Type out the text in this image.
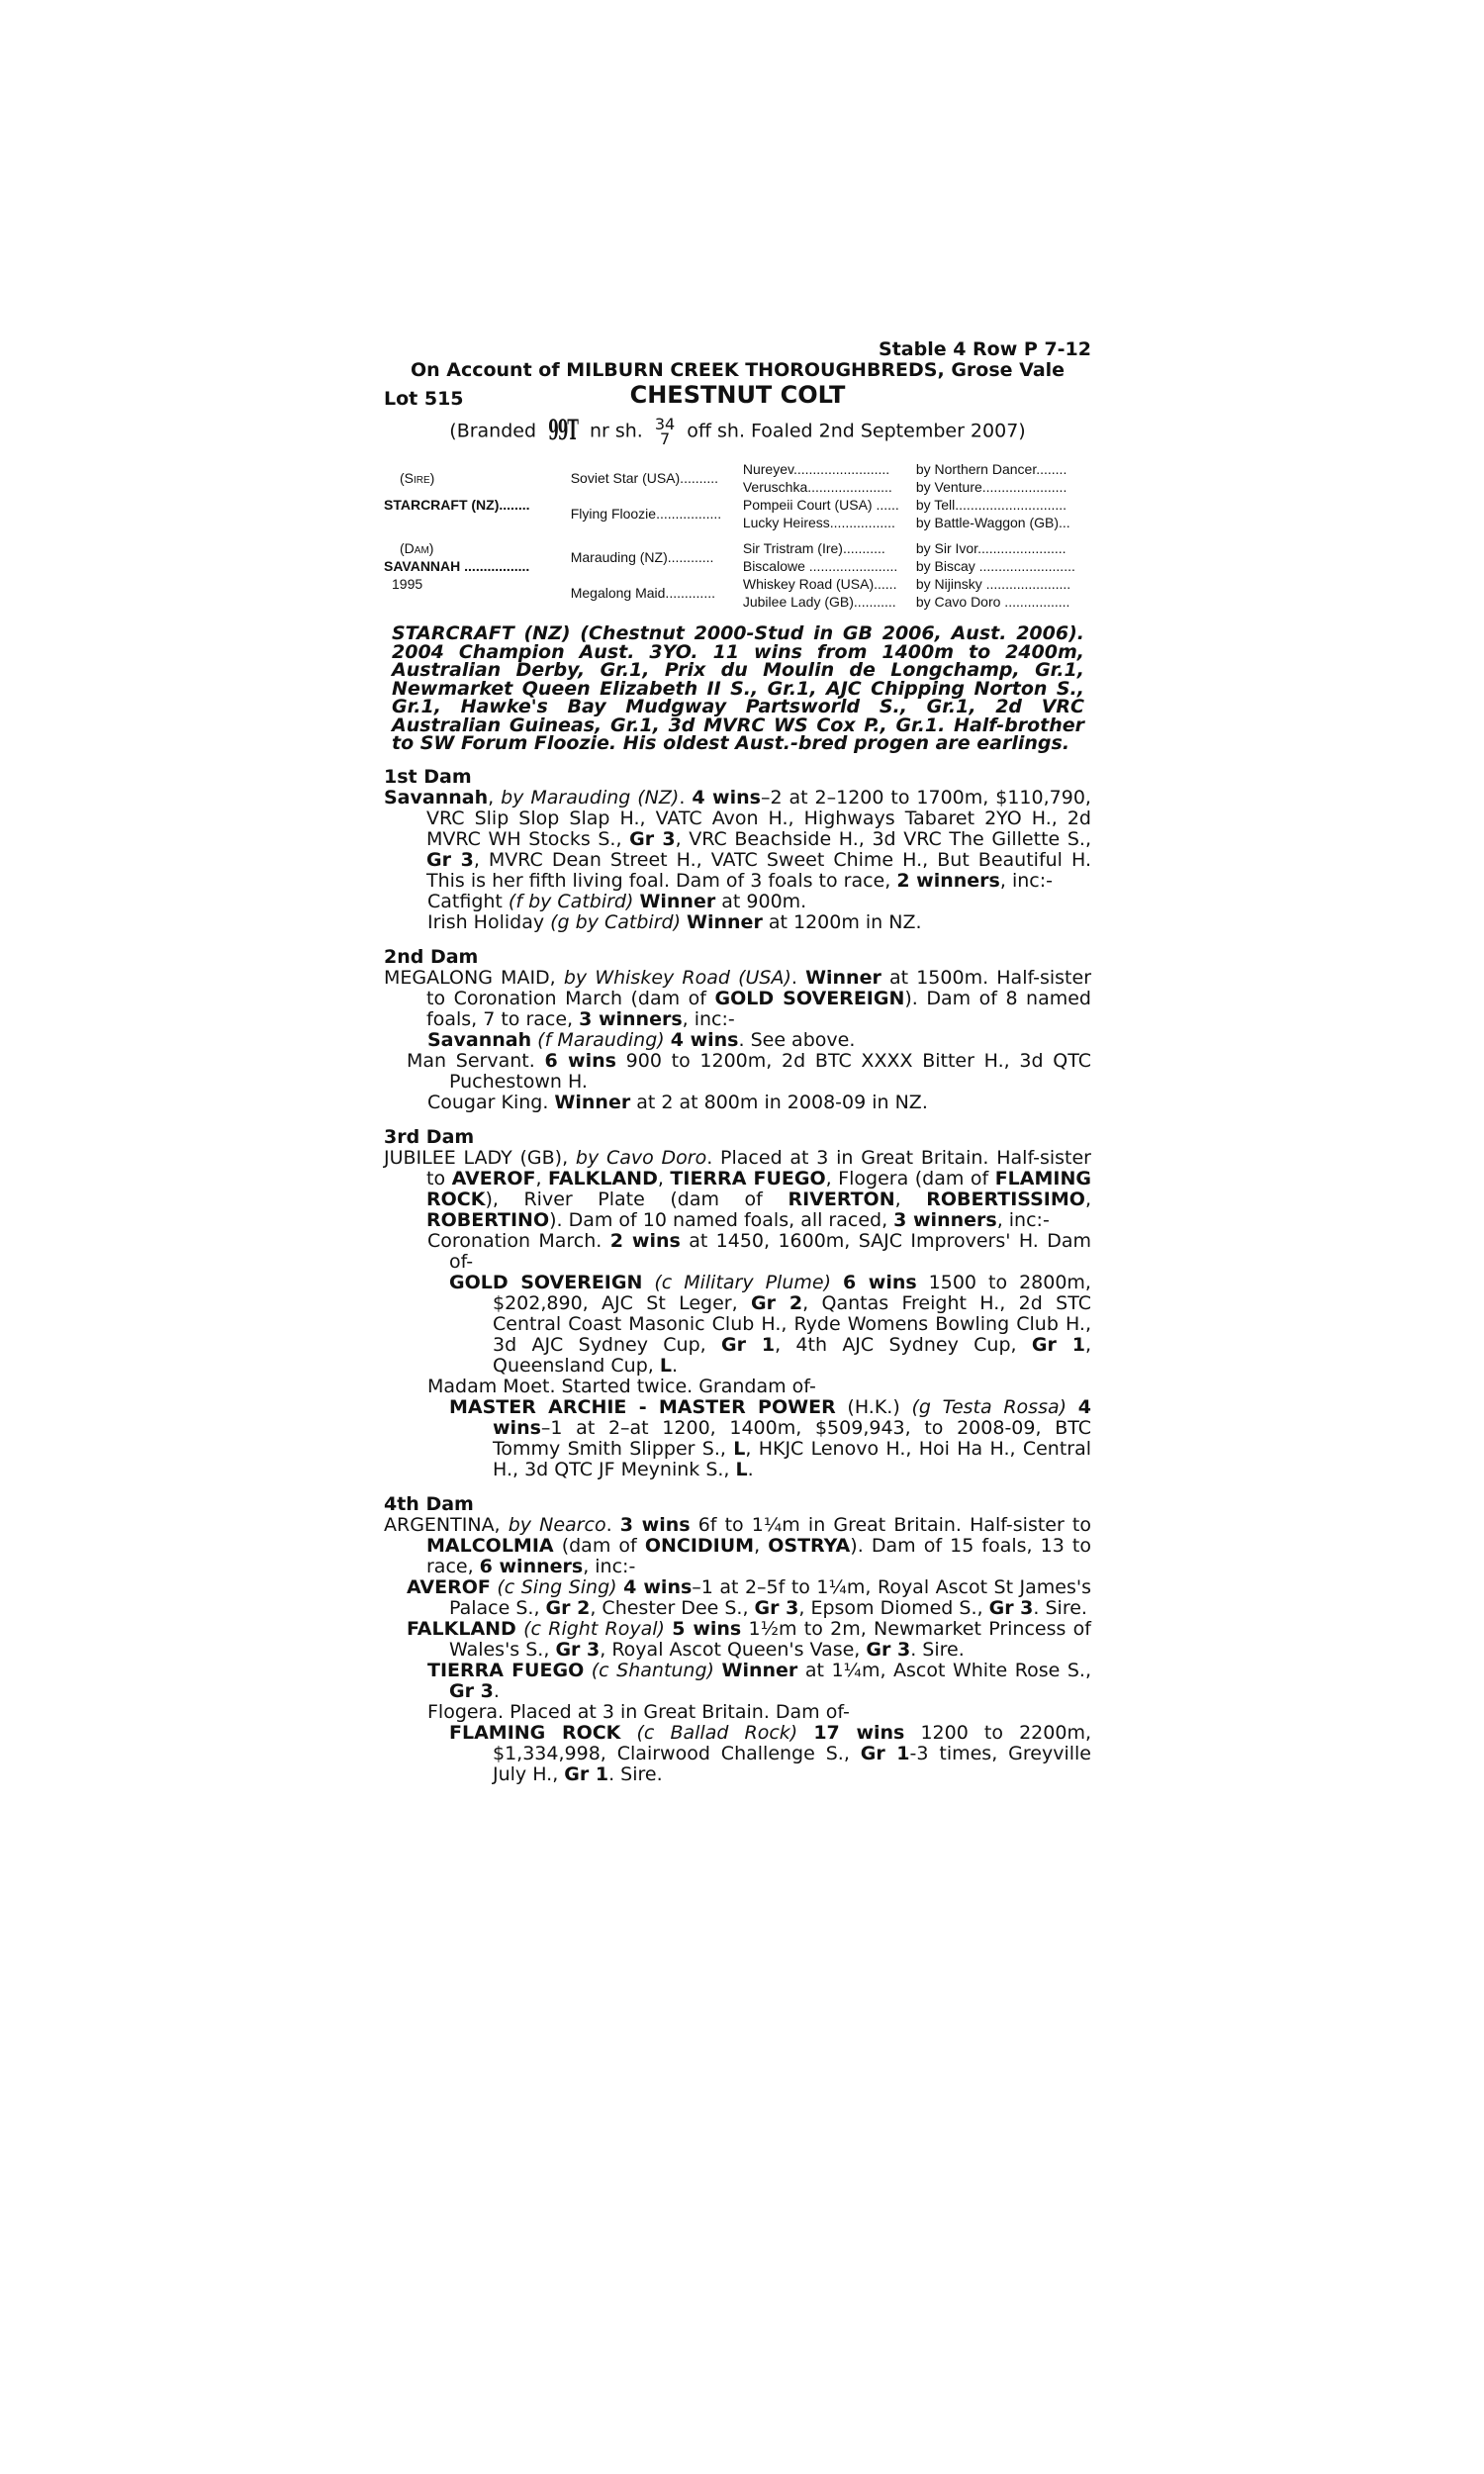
Stable 4 Row P 7-12
On Account of MILBURN CREEK THOROUGHBREDS, Grose Vale
Lot 515	CHESTNUT COLT
(Branded 99T nr sh. 34
7 off sh. Foaled 2nd September 2007)
(Sire)	Soviet Star (USA)..........	Nureyev.........................	by Northern Dancer........
		Veruschka......................	by Venture......................
STARCRAFT (NZ)........	Flying Floozie.................	Pompeii Court (USA) ......	by Tell.............................
		Lucky Heiress.................	by Battle-Waggon (GB)...

(Dam)
SAVANNAH .................	Marauding (NZ)............	Sir Tristram (Ire)...........	by Sir Ivor.......................
		Biscalowe .......................	by Biscay .........................
1995	Megalong Maid.............	Whiskey Road (USA)......	by Nijinsky ......................
		Jubilee Lady (GB)...........	by Cavo Doro .................
STARCRAFT (NZ) (Chestnut 2000-Stud in GB 2006, Aust. 2006). 2004 Champion Aust. 3YO. 11 wins from 1400m to 2400m, Australian Derby, Gr.1, Prix du Moulin de Longchamp, Gr.1, Newmarket Queen Elizabeth II S., Gr.1, AJC Chipping Norton S., Gr.1, Hawke's Bay Mudgway Partsworld S., Gr.1, 2d VRC Australian Guineas, Gr.1, 3d MVRC WS Cox P., Gr.1. Half-brother to SW Forum Floozie. His oldest Aust.-bred progen are earlings.
1st Dam

Savannah, by Marauding (NZ). 4 wins–2 at 2–1200 to 1700m, $110,790, VRC Slip Slop Slap H., VATC Avon H., Highways Tabaret 2YO H., 2d MVRC WH Stocks S., Gr 3, VRC Beachside H., 3d VRC The Gillette S., Gr 3, MVRC Dean Street H., VATC Sweet Chime H., But Beautiful H. This is her fifth living foal. Dam of 3 foals to race, 2 winners, inc:-

Catfight (f by Catbird) Winner at 900m.

Irish Holiday (g by Catbird) Winner at 1200m in NZ.

2nd Dam

MEGALONG MAID, by Whiskey Road (USA). Winner at 1500m. Half-sister to Coronation March (dam of GOLD SOVEREIGN). Dam of 8 named foals, 7 to race, 3 winners, inc:-

Savannah (f Marauding) 4 wins. See above.

Man Servant. 6 wins 900 to 1200m, 2d BTC XXXX Bitter H., 3d QTC Puchestown H.

Cougar King. Winner at 2 at 800m in 2008-09 in NZ.

3rd Dam

JUBILEE LADY (GB), by Cavo Doro. Placed at 3 in Great Britain. Half-sister to AVEROF, FALKLAND, TIERRA FUEGO, Flogera (dam of FLAMING ROCK), River Plate (dam of RIVERTON, ROBERTISSIMO, ROBERTINO). Dam of 10 named foals, all raced, 3 winners, inc:-

Coronation March. 2 wins at 1450, 1600m, SAJC Improvers' H. Dam of-

GOLD SOVEREIGN (c Military Plume) 6 wins 1500 to 2800m, $202,890, AJC St Leger, Gr 2, Qantas Freight H., 2d STC Central Coast Masonic Club H., Ryde Womens Bowling Club H., 3d AJC Sydney Cup, Gr 1, 4th AJC Sydney Cup, Gr 1, Queensland Cup, L.

Madam Moet. Started twice. Grandam of-

MASTER ARCHIE - MASTER POWER (H.K.) (g Testa Rossa) 4 wins–1 at 2–at 1200, 1400m, $509,943, to 2008-09, BTC Tommy Smith Slipper S., L, HKJC Lenovo H., Hoi Ha H., Central H., 3d QTC JF Meynink S., L.

4th Dam

ARGENTINA, by Nearco. 3 wins 6f to 1¼m in Great Britain. Half-sister to MALCOLMIA (dam of ONCIDIUM, OSTRYA). Dam of 15 foals, 13 to race, 6 winners, inc:-

AVEROF (c Sing Sing) 4 wins–1 at 2–5f to 1¼m, Royal Ascot St James's Palace S., Gr 2, Chester Dee S., Gr 3, Epsom Diomed S., Gr 3. Sire.

FALKLAND (c Right Royal) 5 wins 1½m to 2m, Newmarket Princess of Wales's S., Gr 3, Royal Ascot Queen's Vase, Gr 3. Sire.

TIERRA FUEGO (c Shantung) Winner at 1¼m, Ascot White Rose S., Gr 3.

Flogera. Placed at 3 in Great Britain. Dam of-

FLAMING ROCK (c Ballad Rock) 17 wins 1200 to 2200m, $1,334,998, Clairwood Challenge S., Gr 1-3 times, Greyville July H., Gr 1. Sire.
